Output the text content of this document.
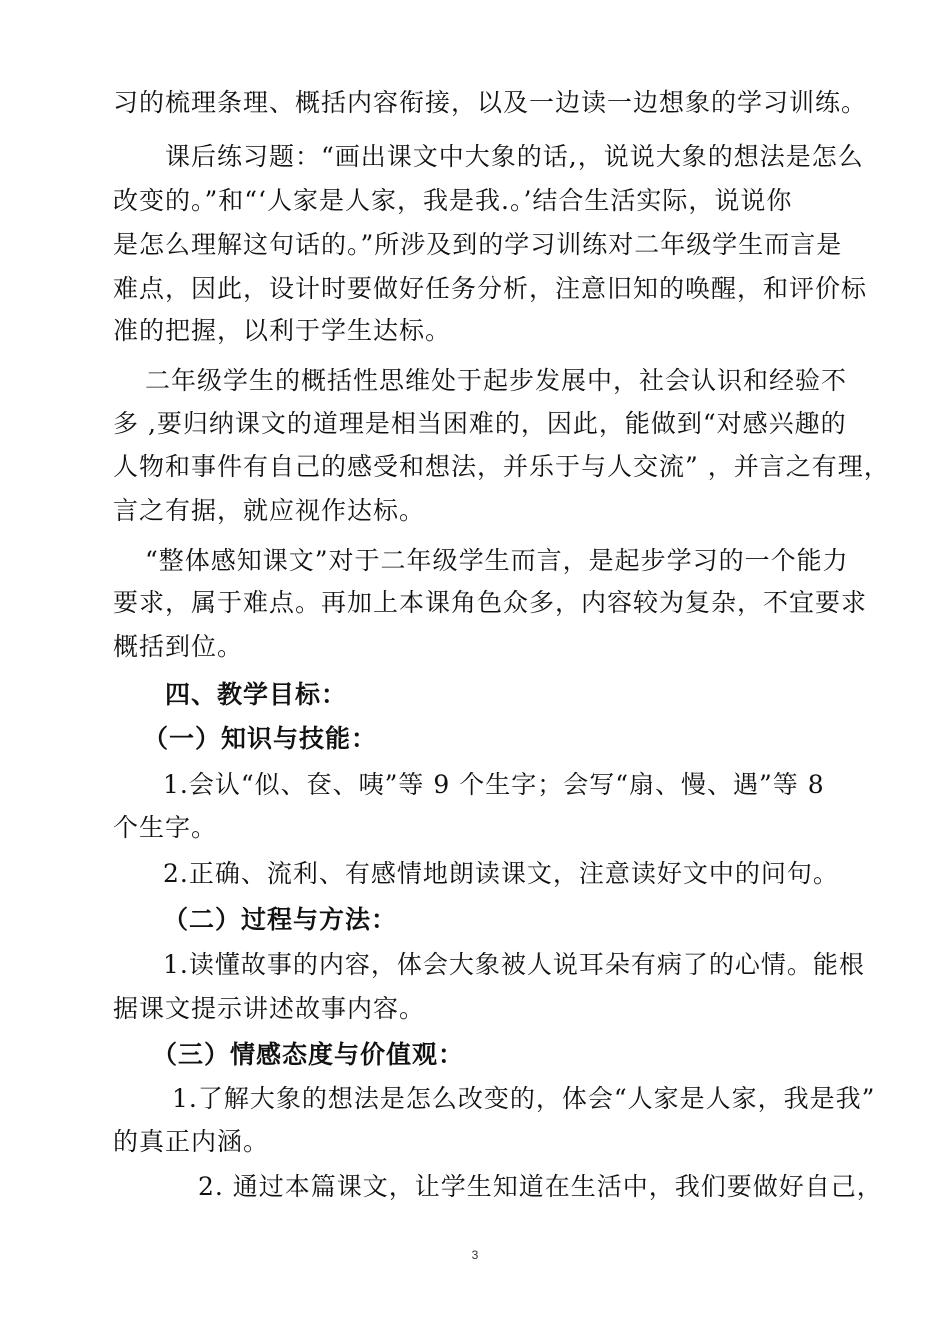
习的梳理条理、概括内容衔接，以及一边读一边想象的学习训练。
课后练习题：“画出课文中大象的话,，说说大象的想法是怎么
改变的。”和“‘人家是人家，我是我.。’结合生活实际，说说你
是怎么理解这句话的。”所涉及到的学习训练对二年级学生而言是
难点，因此，设计时要做好任务分析，注意旧知的唤醒，和评价标
准的把握，以利于学生达标。
二年级学生的概括性思维处于起步发展中，社会认识和经验不
多 ,要归纳课文的道理是相当困难的，因此，能做到“对感兴趣的
人物和事件有自己的感受和想法，并乐于与人交流” ，并言之有理，
言之有据，就应视作达标。
“整体感知课文”对于二年级学生而言，是起步学习的一个能力
要求，属于难点。再加上本课角色众多，内容较为复杂，不宜要求
概括到位。
四、教学目标：
（一）知识与技能：
1.会认“似、奁、咦”等 9 个生字；会写“扇、慢、遇”等 8
个生字。
2.正确、流利、有感情地朗读课文，注意读好文中的问句。
（二）过程与方法：
1.读懂故事的内容，体会大象被人说耳朵有病了的心情。能根
据课文提示讲述故事内容。
（三）情感态度与价值观：
1.了解大象的想法是怎么改变的，体会“人家是人家，我是我”
的真正内涵。
2. 通过本篇课文，让学生知道在生活中，我们要做好自己，
3
